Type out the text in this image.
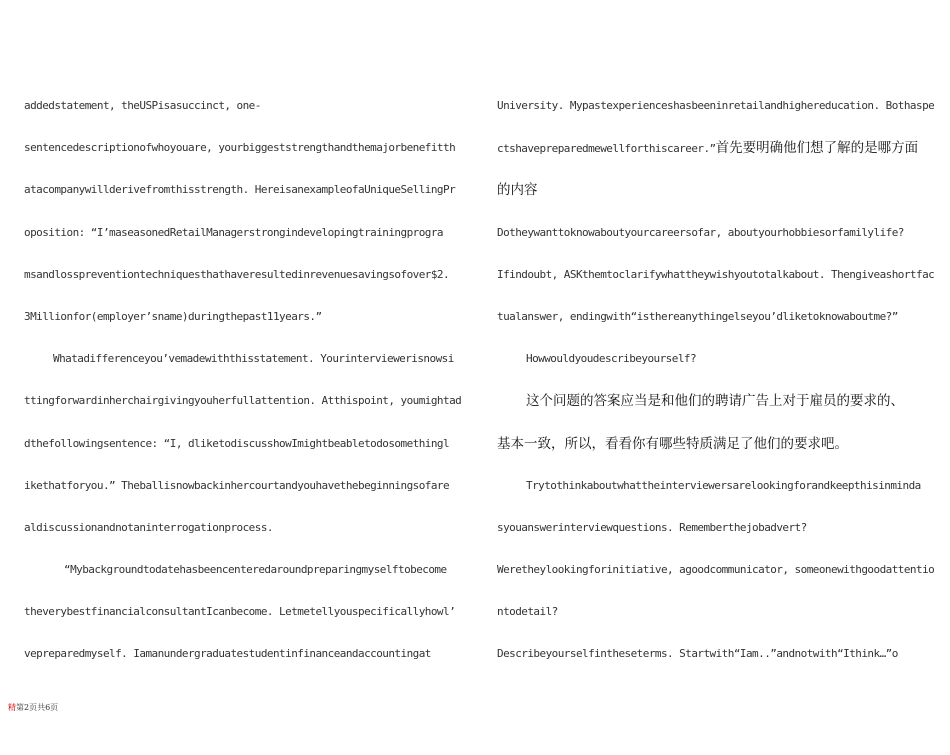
addedstatement, theUSPisasuccinct, one-
sentencedescriptionofwhoyouare, yourbiggeststrengthandthemajorbenefitth
atacompanywillderivefromthisstrength. HereisanexampleofaUniqueSellingPr
oposition: “I’maseasonedRetailManagerstrongindevelopingtrainingprogra
msandlosspreventiontechniquesthathaveresultedinrevenuesavingsofover$2.
3Millionfor(employer’sname)duringthepast11years.”
Whatadifferenceyou’vemadewiththisstatement. Yourinterviewerisnowsi
ttingforwardinherchairgivingyouherfullattention. Atthispoint, youmightad
dthefollowingsentence: “I, dliketodiscusshowImightbeabletodosomethingl
ikethatforyou.” Theballisnowbackinhercourtandyouhavethebeginningsofare
aldiscussionandnotaninterrogationprocess.
“Mybackgroundtodatehasbeencenteredaroundpreparingmyselftobecome
theverybestfinancialconsultantIcanbecome. Letmetellyouspecificallyhowl’
vepreparedmyself. Iamanundergraduatestudentinfinanceandaccountingat
University. Mypastexperienceshasbeeninretailandhighereducation. Bothaspe
ctshavepreparedmewellforthiscareer.”首先要明确他们想了解的是哪方面
的内容
Dotheywanttoknowaboutyourcareersofar, aboutyourhobbiesorfamilylife?
Ifindoubt, ASKthemtoclarifywhattheywishyoutotalkabout. Thengiveashortfac
tualanswer, endingwith“isthereanythingelseyou’dliketoknowaboutme?”
Howwouldyoudescribeyourself?
这个问题的答案应当是和他们的聘请广告上对于雇员的要求的、
基本一致，所以，看看你有哪些特质满足了他们的要求吧。
Trytothinkaboutwhattheinterviewersarelookingforandkeepthisinminda
syouanswerinterviewquestions. Rememberthejobadvert?
Weretheylookingforinitiative, agoodcommunicator, someonewithgoodattentio
ntodetail?
Describeyourselfintheseterms. Startwith“Iam..”andnotwith“Ithink…”o
精第2页共6页
